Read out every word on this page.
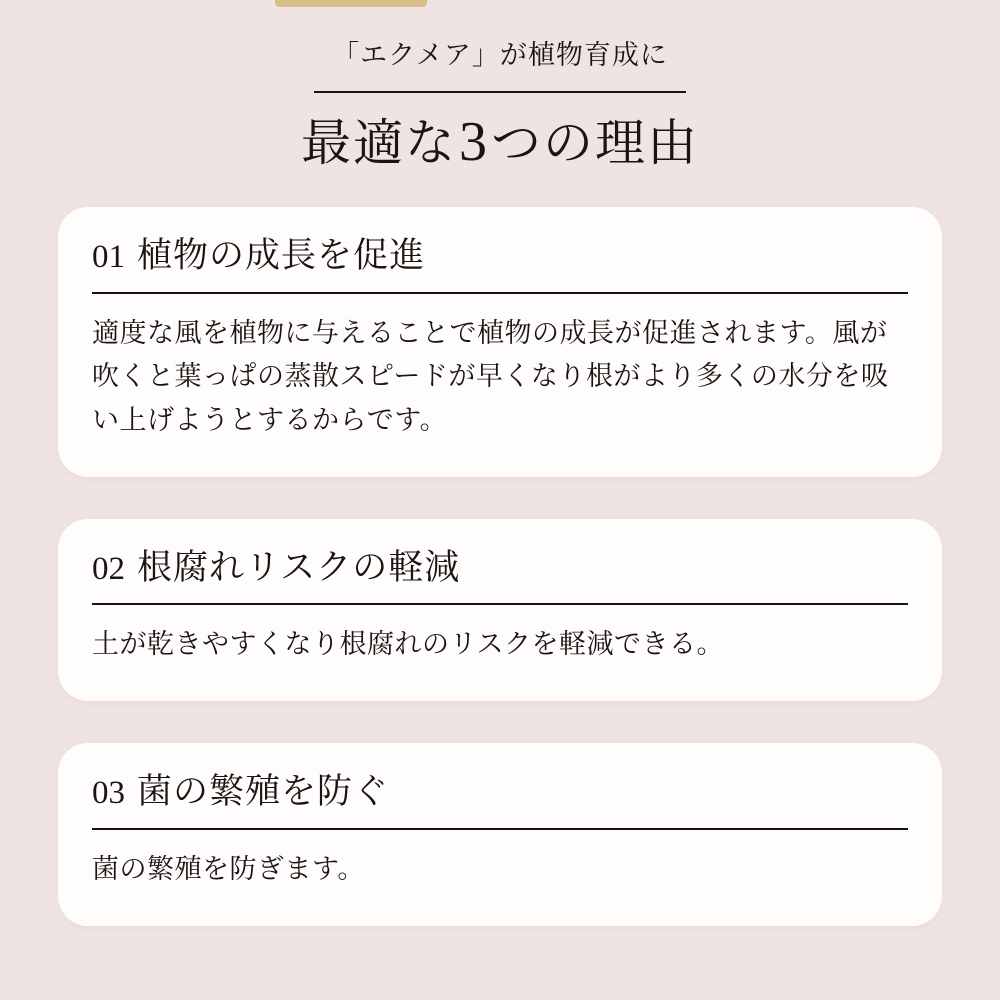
「エクメア」が植物育成に
最適な3つの理由
01 植物の成長を促進
適度な風を植物に与えることで植物の成長が促進されます。風が吹くと葉っぱの蒸散スピードが早くなり根がより多くの水分を吸い上げようとするからです。
02 根腐れリスクの軽減
土が乾きやすくなり根腐れのリスクを軽減できる。
03 菌の繁殖を防ぐ
菌の繁殖を防ぎます。
